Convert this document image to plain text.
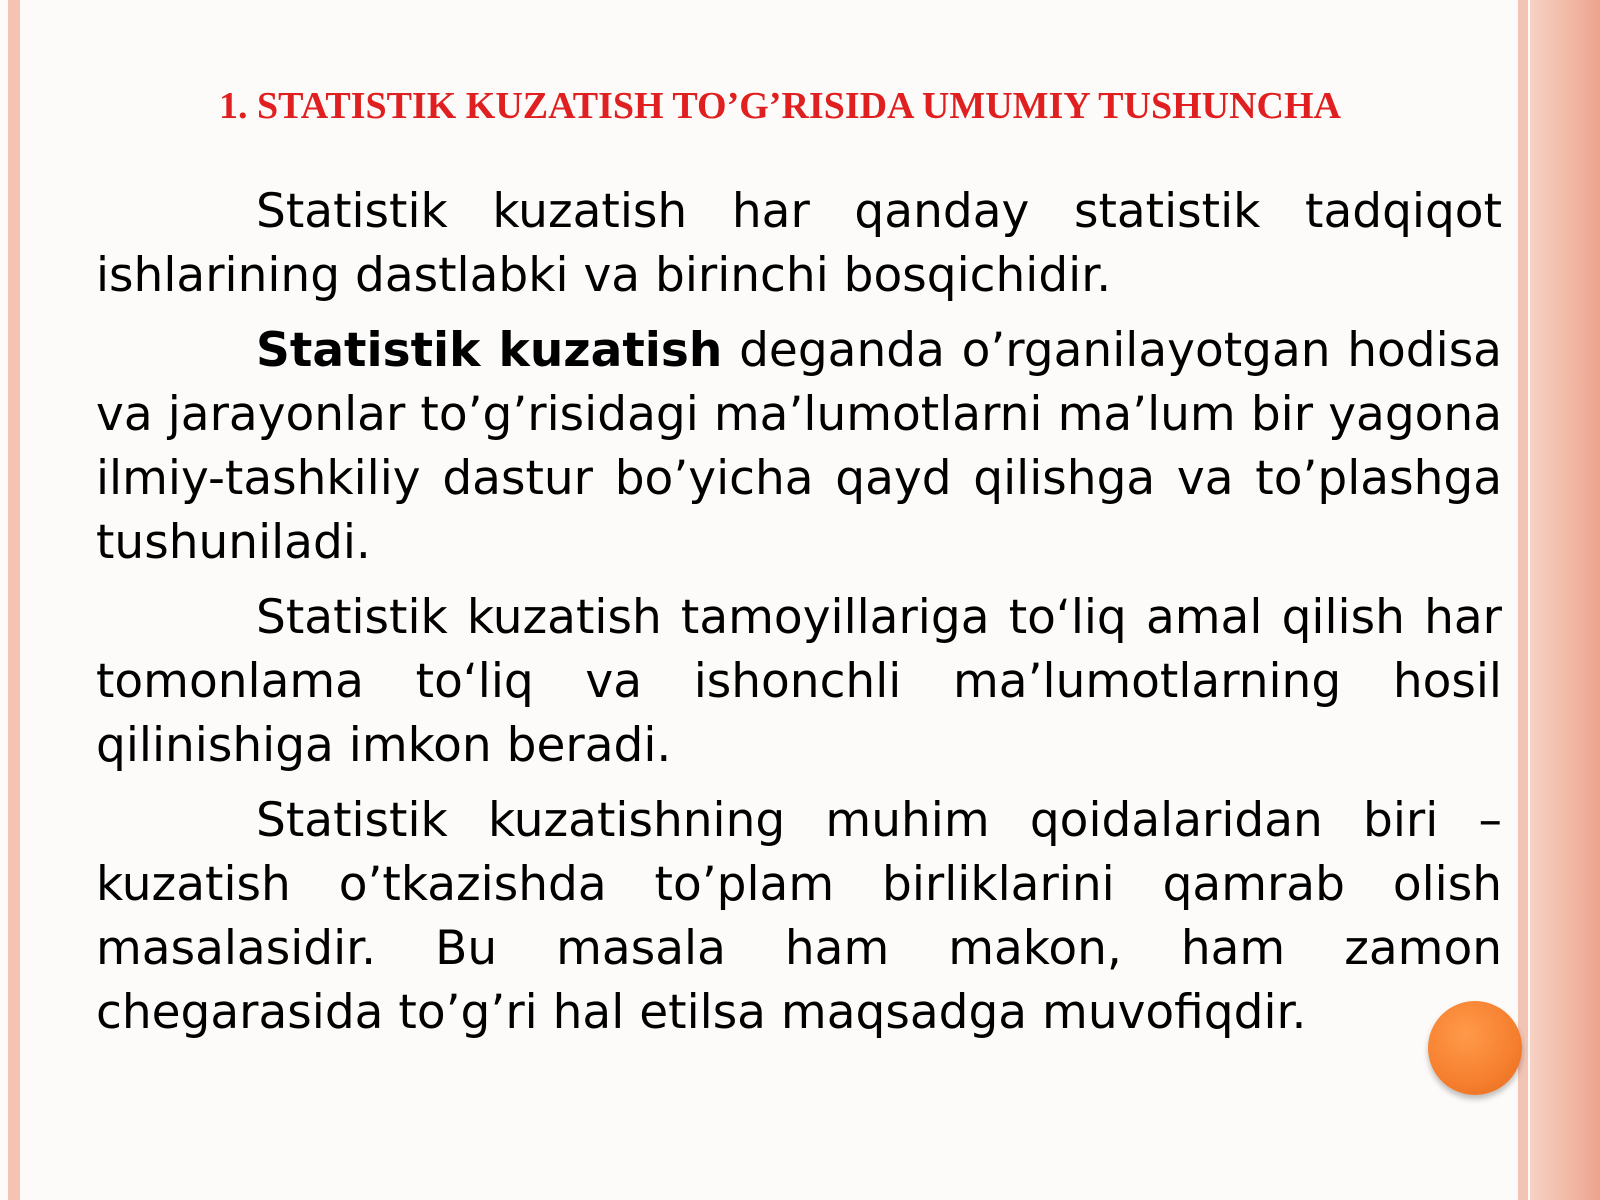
1. STATISTIK KUZATISH TO’G’RISIDA UMUMIY TUSHUNCHA

Statistik kuzatish har qanday statistik tadqiqot ishlarining dastlabki va birinchi bosqichidir.

Statistik kuzatish deganda o’rganilayotgan hodisa va jarayonlar to’g’risidagi ma’lumotlarni ma’lum bir yagona ilmiy-tashkiliy dastur bo’yicha qayd qilishga va to’plashga tushuniladi.

Statistik kuzatish tamoyillariga to‘liq amal qilish har tomonlama to‘liq va ishonchli ma’lumotlarning hosil qilinishiga imkon beradi.

Statistik kuzatishning muhim qoidalaridan biri – kuzatish o’tkazishda to’plam birliklarini qamrab olish masalasidir. Bu masala ham makon, ham zamon chegarasida to’g’ri hal etilsa maqsadga muvofiqdir.
